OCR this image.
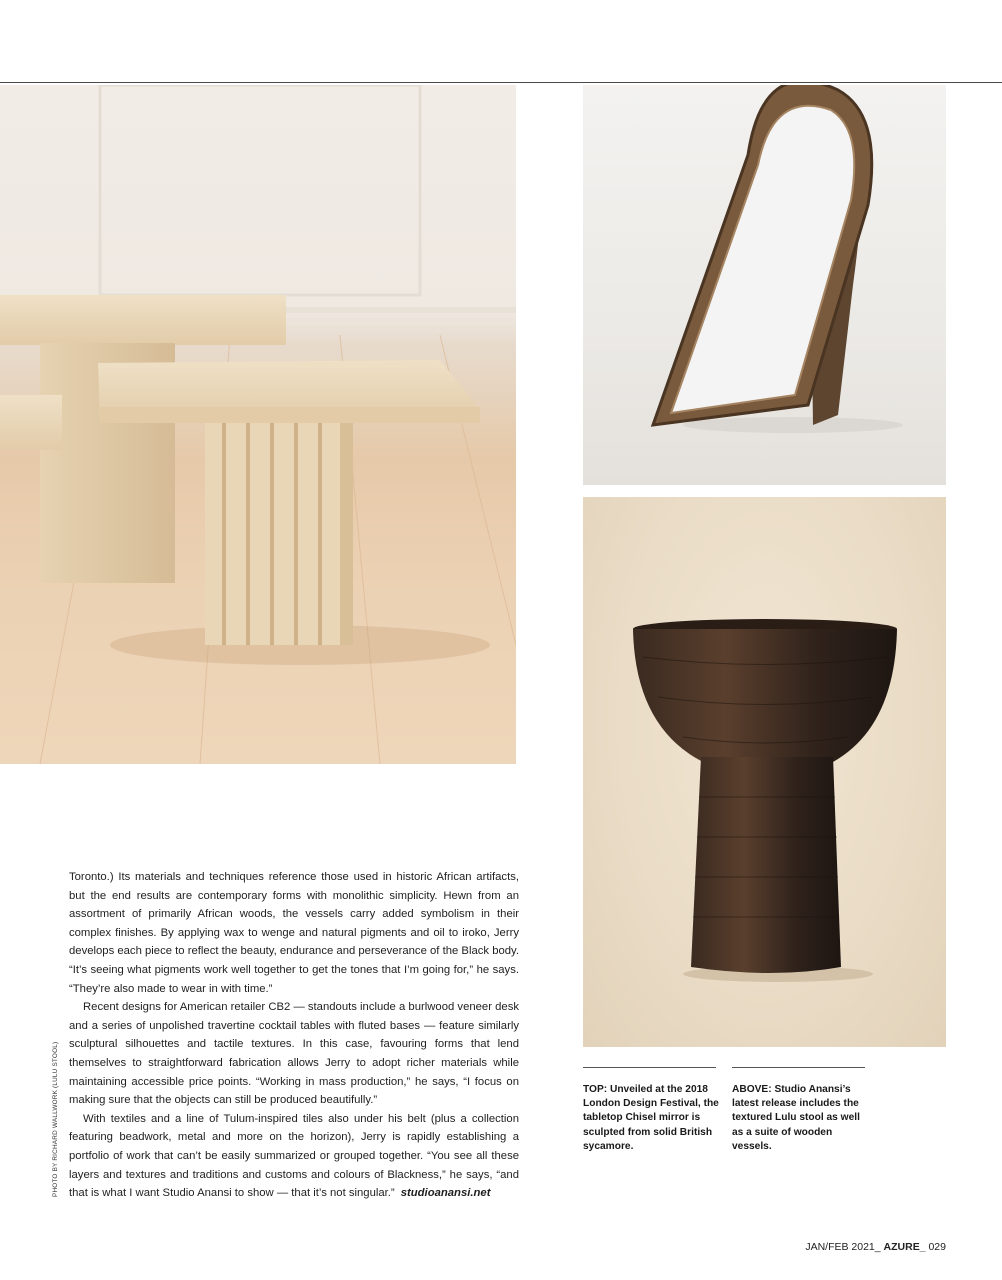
Toronto.) Its materials and techniques reference those used in historic African artifacts, but the end results are contemporary forms with monolithic simplicity. Hewn from an assortment of primarily African woods, the vessels carry added symbolism in their complex finishes. By applying wax to wenge and natural pigments and oil to iroko, Jerry develops each piece to reflect the beauty, endurance and perseverance of the Black body. “It’s seeing what pigments work well together to get the tones that I’m going for,” he says. “They’re also made to wear in with time.”

Recent designs for American retailer CB2 — standouts include a burlwood veneer desk and a series of unpolished travertine cocktail tables with fluted bases — feature similarly sculptural silhouettes and tactile textures. In this case, favouring forms that lend themselves to straightforward fabrication allows Jerry to adopt richer materials while maintaining accessible price points. “Working in mass production,” he says, “I focus on making sure that the objects can still be produced beautifully.”

With textiles and a line of Tulum-inspired tiles also under his belt (plus a collection featuring beadwork, metal and more on the horizon), Jerry is rapidly establishing a portfolio of work that can’t be easily summarized or grouped together. “You see all these layers and textures and traditions and customs and colours of Blackness,” he says, “and that is what I want Studio Anansi to show — that it’s not singular.” studioanansi.net

PHOTO BY RICHARD WALLWORK (LULU STOOL)	TOP: Unveiled at the 2018 London Design Festival, the tabletop Chisel mirror is sculpted from solid British sycamore.
ABOVE: Studio Anansi’s latest release includes the textured Lulu stool as well as a suite of wooden vessels.
JAN/FEB 2021_ AZURE_ 029
